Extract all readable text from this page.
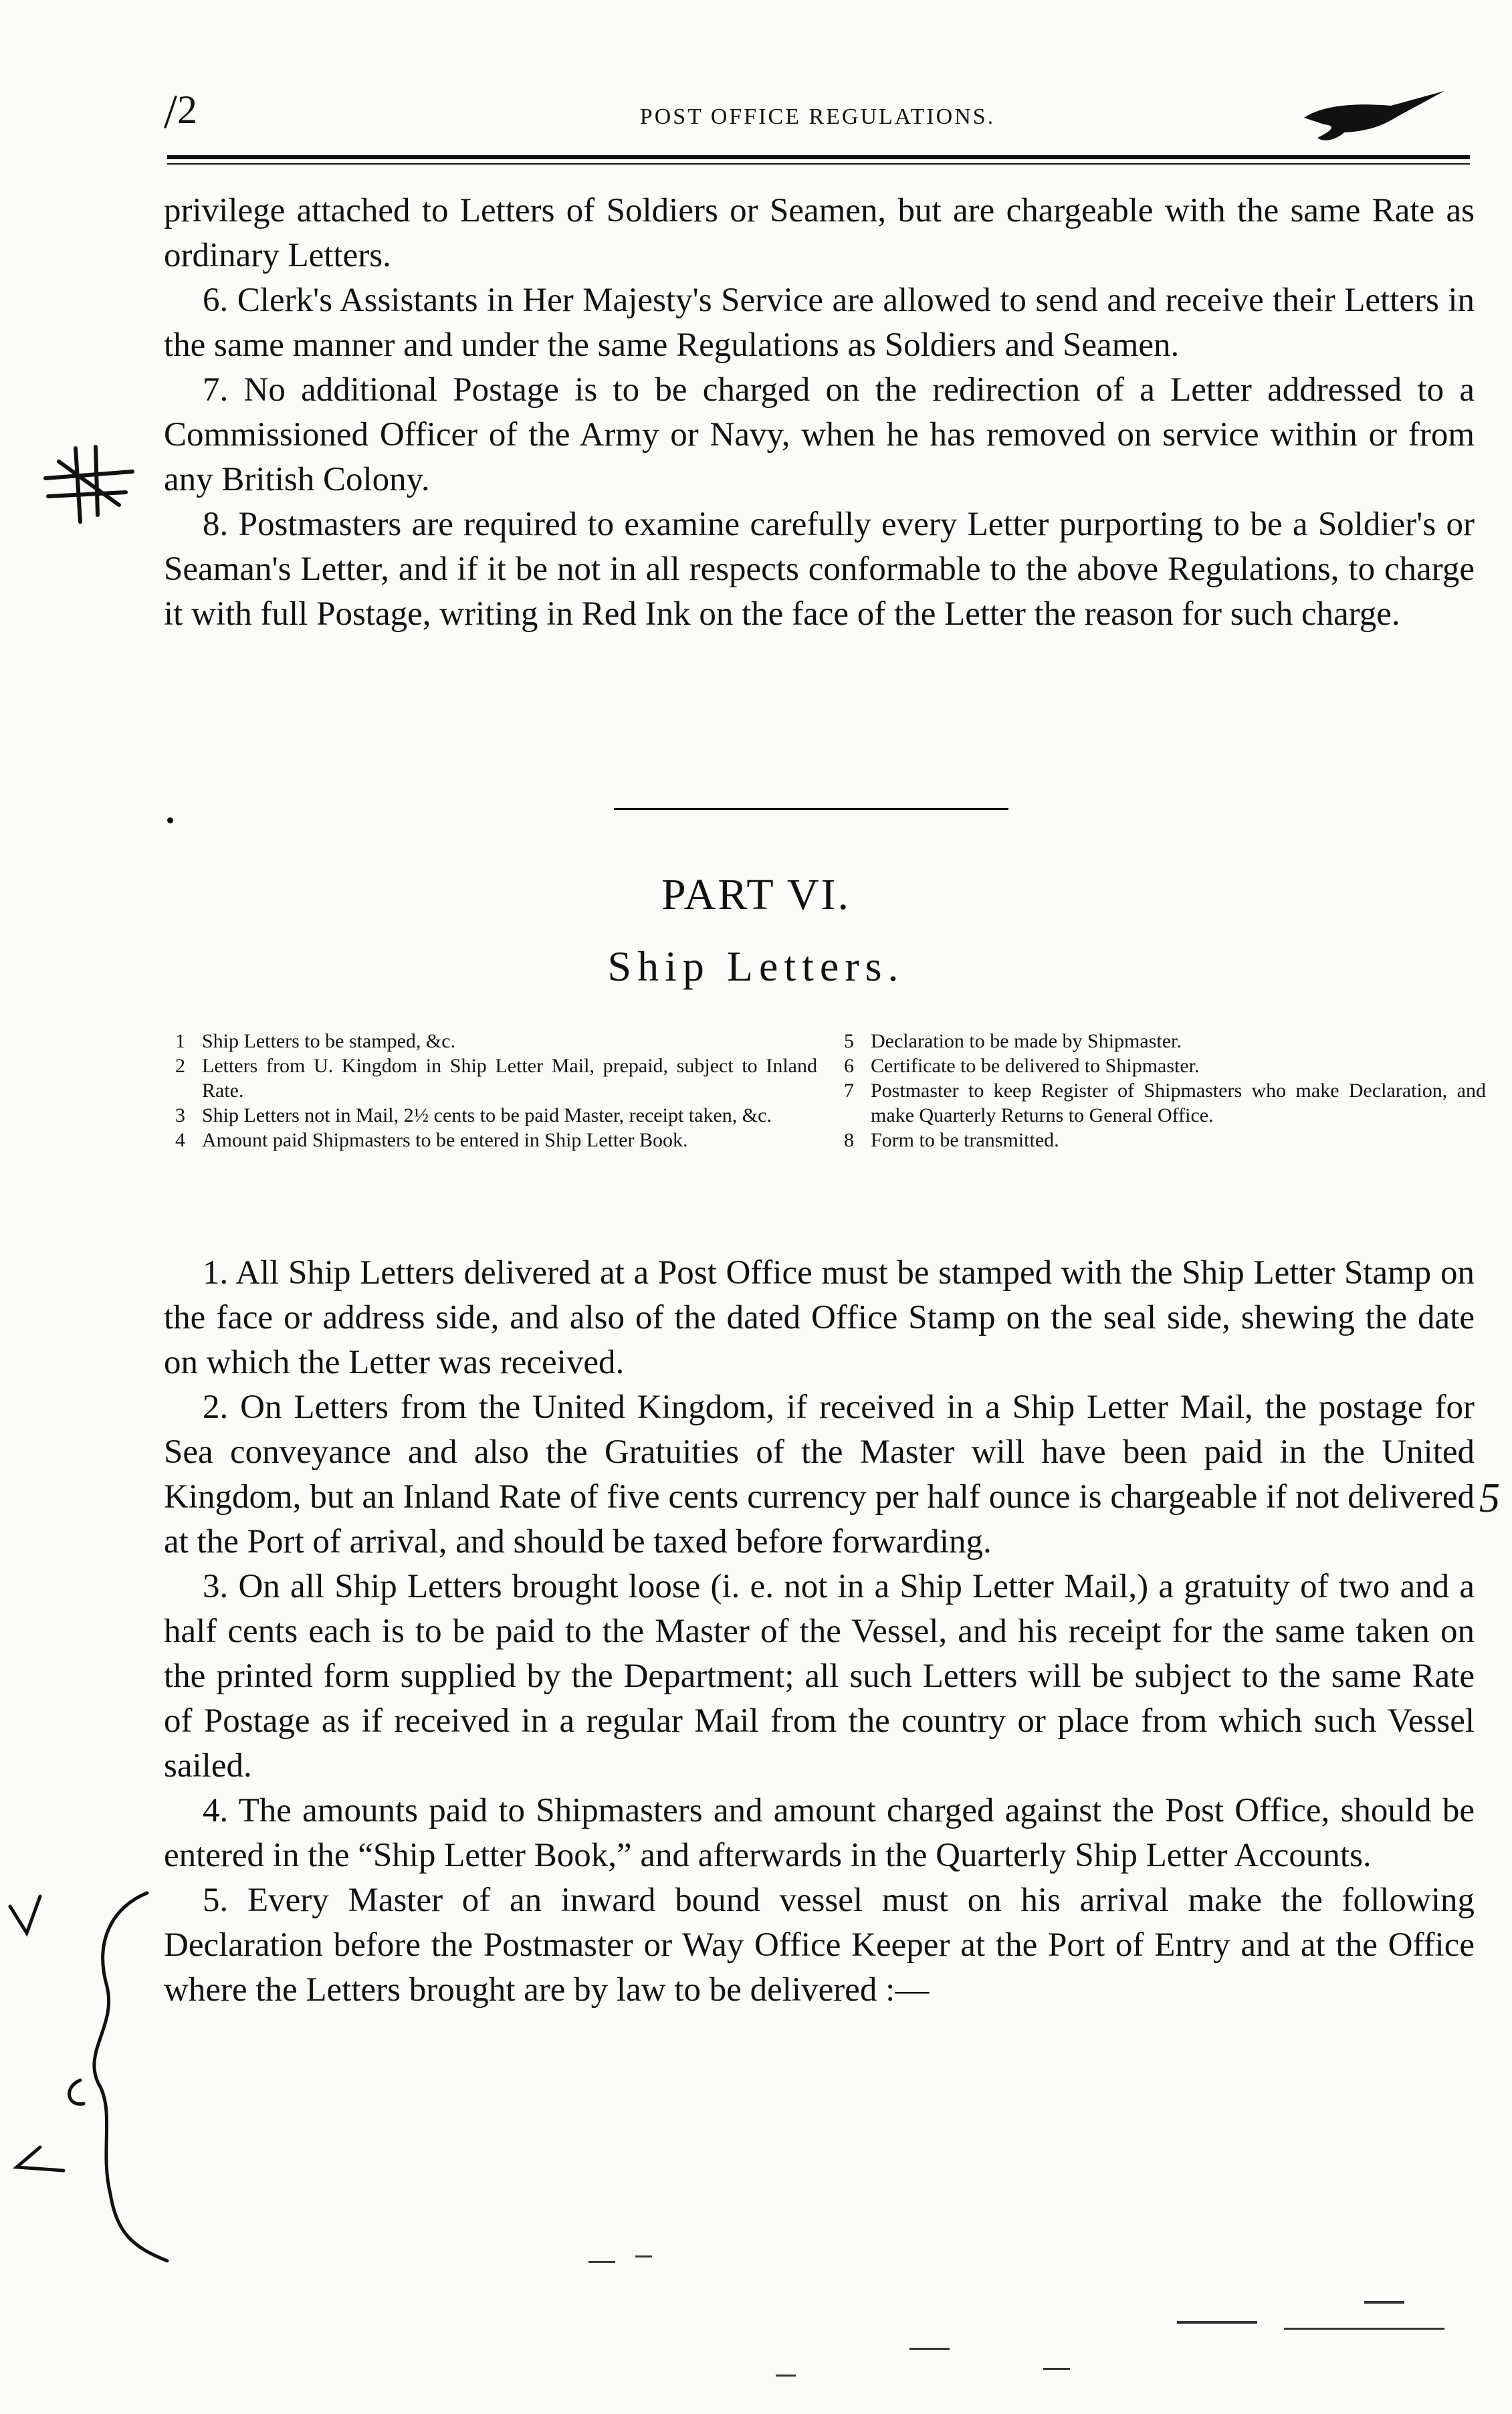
/ 2	POST OFFICE REGULATIONS.

privilege attached to Letters of Soldiers or Seamen, but are chargeable with the same Rate as ordinary Letters.

6. Clerk's Assistants in Her Majesty's Service are allowed to send and receive their Letters in the same manner and under the same Regulations as Soldiers and Seamen.

7. No additional Postage is to be charged on the redirection of a Letter addressed to a Commissioned Officer of the Army or Navy, when he has removed on service within or from any British Colony.

8. Postmasters are required to examine carefully every Letter purporting to be a Soldier's or Seaman's Letter, and if it be not in all respects conformable to the above Regulations, to charge it with full Postage, writing in Red Ink on the face of the Letter the reason for such charge.

PART VI.
Ship Letters.
1 Ship Letters to be stamped, &c.
2 Letters from U. Kingdom in Ship Letter Mail, prepaid, subject to Inland Rate.
3 Ship Letters not in Mail, 2½ cents to be paid Master, receipt taken, &c.
4 Amount paid Shipmasters to be entered in Ship Letter Book.
5 Declaration to be made by Shipmaster.
6 Certificate to be delivered to Shipmaster.
7 Postmaster to keep Register of Shipmasters who make Declaration, and make Quarterly Returns to General Office.
8 Form to be transmitted.

1. All Ship Letters delivered at a Post Office must be stamped with the Ship Letter Stamp on the face or address side, and also of the dated Office Stamp on the seal side, shewing the date on which the Letter was received.

2. On Letters from the United Kingdom, if received in a Ship Letter Mail, the postage for Sea conveyance and also the Gratuities of the Master will have been paid in the United Kingdom, but an Inland Rate of five cents currency per half ounce is chargeable if not delivered at the Port of arrival, and should be taxed before forwarding.

3. On all Ship Letters brought loose (i. e. not in a Ship Letter Mail,) a gratuity of two and a half cents each is to be paid to the Master of the Vessel, and his receipt for the same taken on the printed form supplied by the Department; all such Letters will be subject to the same Rate of Postage as if received in a regular Mail from the country or place from which such Vessel sailed.

4. The amounts paid to Shipmasters and amount charged against the Post Office, should be entered in the “Ship Letter Book,” and afterwards in the Quarterly Ship Letter Accounts.

5. Every Master of an inward bound vessel must on his arrival make the following Declaration before the Postmaster or Way Office Keeper at the Port of Entry and at the Office where the Letters brought are by law to be delivered :—

5
